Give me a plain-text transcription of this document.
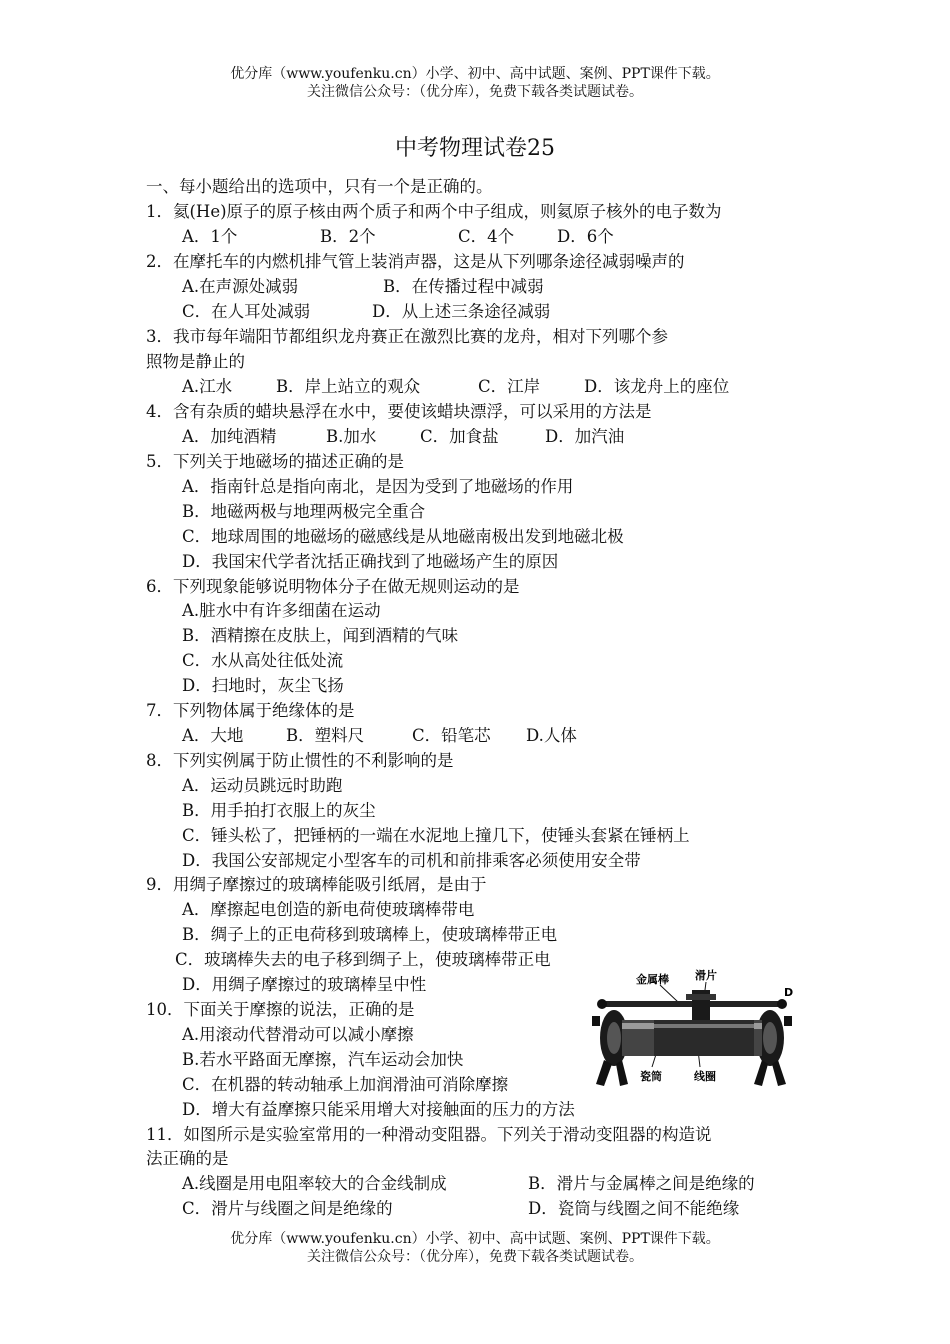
优分库（www.youfenku.cn）小学、初中、高中试题、案例、PPT课件下载。
关注微信公众号：（优分库），免费下载各类试题试卷。
中考物理试卷25
一、每小题给出的选项中，只有一个是正确的。
1．氦(He)原子的原子核由两个质子和两个中子组成，则氦原子核外的电子数为
A．1个	B．2个	C．4个	D．6个
2．在摩托车的内燃机排气管上装消声器，这是从下列哪条途径减弱噪声的
A.在声源处减弱	B．在传播过程中减弱
C．在人耳处减弱	D．从上述三条途径减弱
3．我市每年端阳节都组织龙舟赛正在激烈比赛的龙舟，相对下列哪个参
照物是静止的
A.江水	B．岸上站立的观众	C．江岸	D．该龙舟上的座位
4．含有杂质的蜡块悬浮在水中，要使该蜡块漂浮，可以采用的方法是
A．加纯酒精	B.加水	C．加食盐	D．加汽油
5．下列关于地磁场的描述正确的是
A．指南针总是指向南北，是因为受到了地磁场的作用
B．地磁两极与地理两极完全重合
C．地球周围的地磁场的磁感线是从地磁南极出发到地磁北极
D．我国宋代学者沈括正确找到了地磁场产生的原因
6．下列现象能够说明物体分子在做无规则运动的是
A.脏水中有许多细菌在运动
B．酒精擦在皮肤上，闻到酒精的气味
C．水从高处往低处流
D．扫地时，灰尘飞扬
7．下列物体属于绝缘体的是
A．大地	B．塑料尺	C．铅笔芯 D.人体
8．下列实例属于防止惯性的不利影响的是
A．运动员跳远时助跑
B．用手拍打衣服上的灰尘
C．锤头松了，把锤柄的一端在水泥地上撞几下，使锤头套紧在锤柄上
D．我国公安部规定小型客车的司机和前排乘客必须使用安全带
9．用绸子摩擦过的玻璃棒能吸引纸屑，是由于
A．摩擦起电创造的新电荷使玻璃棒带电
B．绸子上的正电荷移到玻璃棒上，使玻璃棒带正电
C．玻璃棒失去的电子移到绸子上，使玻璃棒带正电
D．用绸子摩擦过的玻璃棒呈中性
10．下面关于摩擦的说法，正确的是
A.用滚动代替滑动可以减小摩擦
B.若水平路面无摩擦，汽车运动会加快
C．在机器的转动轴承上加润滑油可消除摩擦
D．增大有益摩擦只能采用增大对接触面的压力的方法
11．如图所示是实验室常用的一种滑动变阻器。下列关于滑动变阻器的构造说
法正确的是
A.线圈是用电阻率较大的合金线制成	B．滑片与金属棒之间是绝缘的
C．滑片与线圈之间是绝缘的	D．瓷筒与线圈之间不能绝缘
金属棒 滑片
D
瓷筒	线圈
优分库（www.youfenku.cn）小学、初中、高中试题、案例、PPT课件下载。
关注微信公众号：（优分库），免费下载各类试题试卷。
